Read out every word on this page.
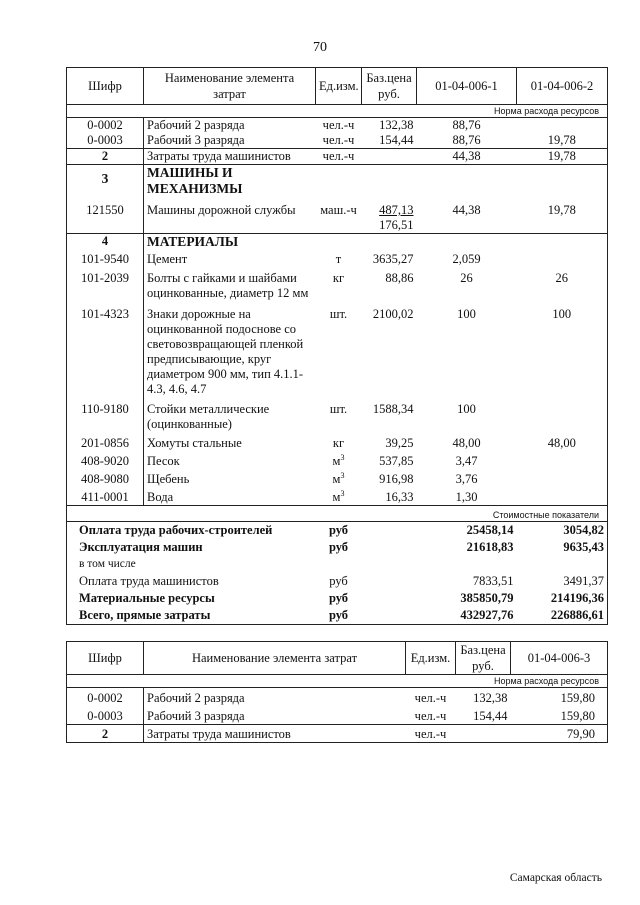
70
Шифр	Наименование элемента затрат	Ед.изм.	Баз.цена руб.	01-04-006-1	01-04-006-2
Норма расхода ресурсов					
0-0002	Рабочий 2 разряда	чел.-ч	132,38	88,76	
0-0003	Рабочий 3 разряда	чел.-ч	154,44	88,76	19,78
2	Затраты труда машинистов	чел.-ч		44,38	19,78
3	МАШИНЫ И МЕХАНИЗМЫ				
121550	Машины дорожной службы	маш.-ч	487,13
176,51	44,38	19,78
4	МАТЕРИАЛЫ				
101-9540	Цемент	т	3635,27	2,059	
101-2039	Болты с гайками и шайбами оцинкованные, диаметр 12 мм	кг	88,86	26	26
101-4323	Знаки дорожные на оцинкованной подоснове со световозвращающей пленкой предписывающие, круг диаметром 900 мм, тип 4.1.1-4.3, 4.6, 4.7	шт.	2100,02	100	100
110-9180	Стойки металлические (оцинкованные)	шт.	1588,34	100	
201-0856	Хомуты стальные	кг	39,25	48,00	48,00
408-9020	Песок	$м^3$	537,85	3,47	
408-9080	Щебень	$м^3$	916,98	3,76	
411-0001	Вода	$м^3$	16,33	1,30	
Стоимостные показатели					
Оплата труда рабочих-строителей		руб		25458,14	3054,82
Эксплуатация машин		руб		21618,83	9635,43
в том числе					
Оплата труда машинистов		руб		7833,51	3491,37
Материальные ресурсы		руб		385850,79	214196,36
Всего, прямые затраты		руб		432927,76	226886,61
Шифр	Наименование элемента затрат	Ед.изм.	Баз.цена руб.	01-04-006-3
Норма расхода ресурсов				
0-0002	Рабочий 2 разряда	чел.-ч	132,38	159,80
0-0003	Рабочий 3 разряда	чел.-ч	154,44	159,80
2	Затраты труда машинистов	чел.-ч		79,90
Самарская область
